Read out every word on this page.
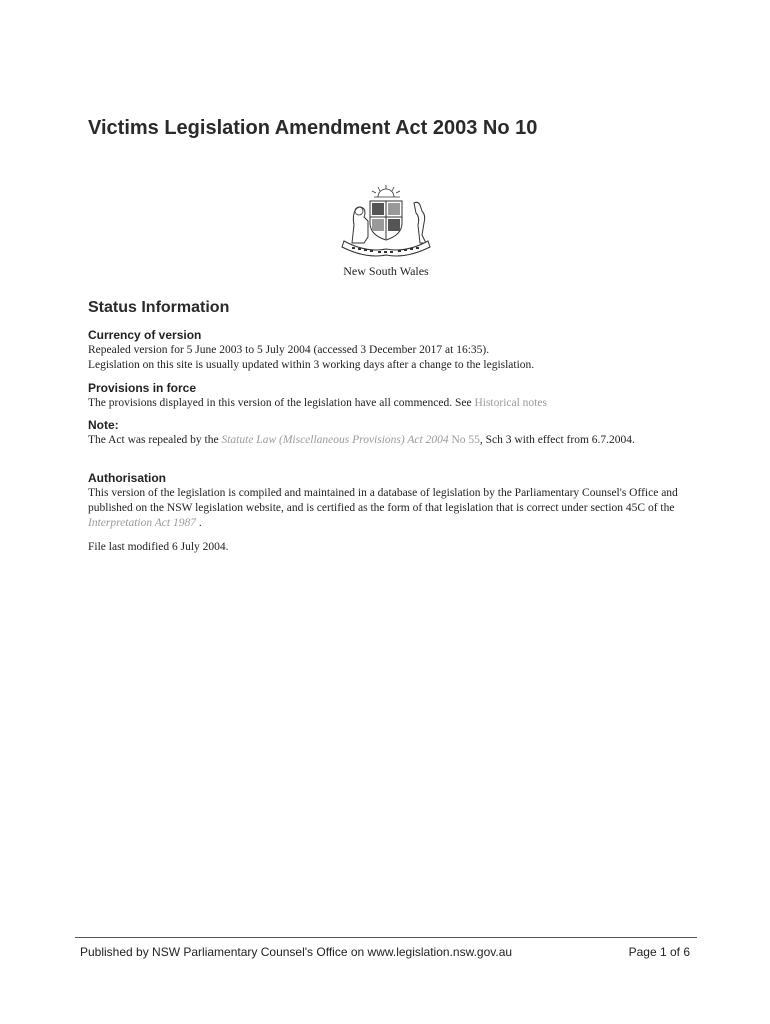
Victims Legislation Amendment Act 2003 No 10
New South Wales
Status Information

Currency of version

Repealed version for 5 June 2003 to 5 July 2004 (accessed 3 December 2017 at 16:35).

Legislation on this site is usually updated within 3 working days after a change to the legislation.

Provisions in force

The provisions displayed in this version of the legislation have all commenced. See Historical notes

Note:

The Act was repealed by the Statute Law (Miscellaneous Provisions) Act 2004 No 55, Sch 3 with effect from 6.7.2004.

Authorisation

This version of the legislation is compiled and maintained in a database of legislation by the Parliamentary Counsel's Office and published on the NSW legislation website, and is certified as the form of that legislation that is correct under section 45C of the Interpretation Act 1987 .

File last modified 6 July 2004.

Published by NSW Parliamentary Counsel's Office on www.legislation.nsw.gov.au	Page 1 of 6
